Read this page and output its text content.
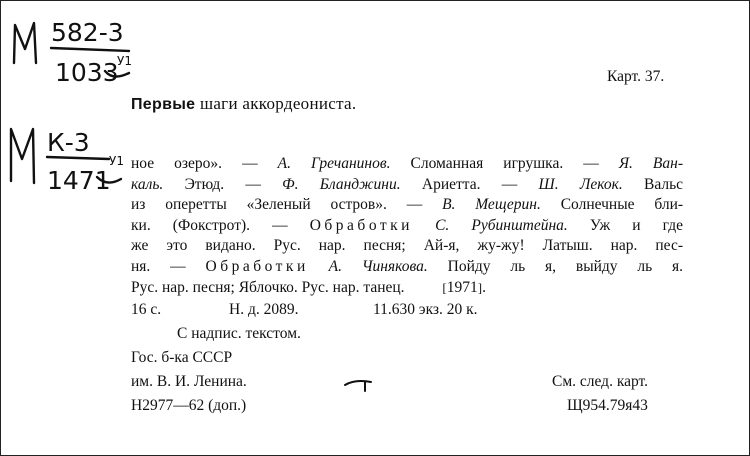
582-3
1033
У1
К-3
1471
У1
Карт. 37.
Первые шаги аккордеониста.
ное озеро». — А. Гречанинов. Сломанная игрушка. — Я. Ван-
каль. Этюд. — Ф. Бланджини. Ариетта. — Ш. Лекок. Вальс
из оперетты «Зеленый остров». — В. Мещерин. Солнечные бли-
ки. (Фокстрот). — Обработки С. Рубинштейна. Уж и где
же это видано. Рус. нар. песня; Ай-я, жу-жу! Латыш. нар. пес-
ня. — Обработки А. Чинякова. Пойду ль я, выйду ль я.
Рус. нар. песня; Яблочко. Рус. нар. танец.	[1971].
16 с.	Н. д. 2089.	11.630 экз. 20 к.
С надпис. текстом.
Гос. б-ка СССР
им. В. И. Ленина.
Н2977—62 (доп.)
См. след. карт.
Щ954.79я43
